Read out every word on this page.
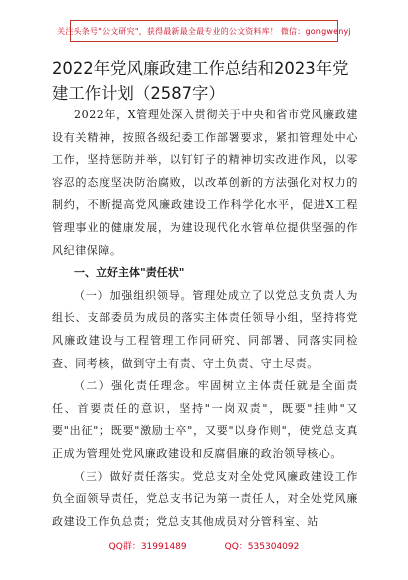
关注头条号"公文研究"，获得最新最全最专业的公文资料库！ 微信：gongwenyj
2022年党风廉政建工作总结和2023年党建工作计划（2587字）

2022年，X管理处深入贯彻关于中央和省市党风廉政建设有关精神，按照各级纪委工作部署要求，紧扣管理处中心工作，坚持惩防并举，以钉钉子的精神切实改进作风，以零容忍的态度坚决防治腐败，以改革创新的方法强化对权力的制约，不断提高党风廉政建设工作科学化水平，促进X工程管理事业的健康发展，为建设现代化水管单位提供坚强的作风纪律保障。

一、立好主体"责任状"

（一）加强组织领导。管理处成立了以党总支负责人为组长、支部委员为成员的落实主体责任领导小组，坚持将党风廉政建设与工程管理工作同研究、同部署、同落实同检查、同考核，做到守土有责、守土负责、守土尽责。

（二）强化责任理念。牢固树立主体责任就是全面责任、首要责任的意识，坚持"一岗双责"，既要"挂帅"又要"出征"；既要"激励士卒"，又要"以身作则"，使党总支真正成为管理处党风廉政建设和反腐倡廉的政治领导核心。

（三）做好责任落实。党总支对全处党风廉政建设工作负全面领导责任，党总支书记为第一责任人，对全处党风廉政建设工作负总责；党总支其他成员对分管科室、站

QQ群：31991489	QQ：535304092
